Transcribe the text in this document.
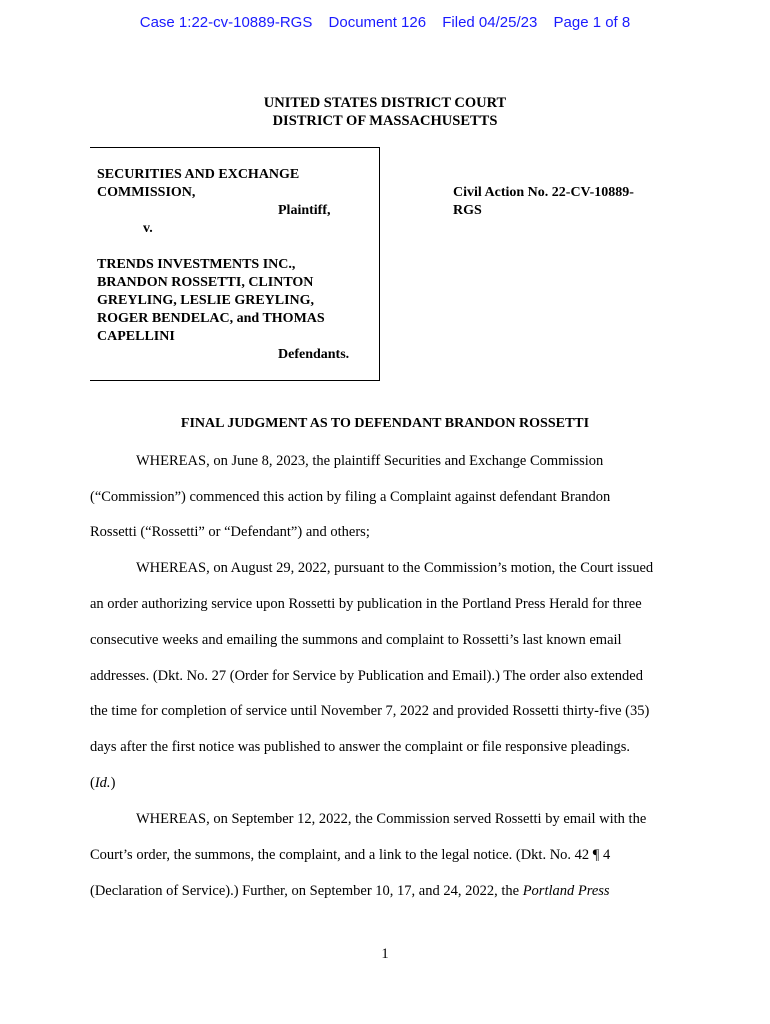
Case 1:22-cv-10889-RGS Document 126 Filed 04/25/23 Page 1 of 8
UNITED STATES DISTRICT COURT
DISTRICT OF MASSACHUSETTS
SECURITIES AND EXCHANGE
COMMISSION,
Plaintiff,
v.
TRENDS INVESTMENTS INC.,
BRANDON ROSSETTI, CLINTON
GREYLING, LESLIE GREYLING,
ROGER BENDELAC, and THOMAS
CAPELLINI
Defendants.
Civil Action No. 22-CV-10889-
RGS
FINAL JUDGMENT AS TO DEFENDANT BRANDON ROSSETTI
WHEREAS, on June 8, 2023, the plaintiff Securities and Exchange Commission
(“Commission”) commenced this action by filing a Complaint against defendant Brandon
Rossetti (“Rossetti” or “Defendant”) and others;
WHEREAS, on August 29, 2022, pursuant to the Commission’s motion, the Court issued
an order authorizing service upon Rossetti by publication in the Portland Press Herald for three
consecutive weeks and emailing the summons and complaint to Rossetti’s last known email
addresses. (Dkt. No. 27 (Order for Service by Publication and Email).) The order also extended
the time for completion of service until November 7, 2022 and provided Rossetti thirty-five (35)
days after the first notice was published to answer the complaint or file responsive pleadings.
(Id.)
WHEREAS, on September 12, 2022, the Commission served Rossetti by email with the
Court’s order, the summons, the complaint, and a link to the legal notice. (Dkt. No. 42 ¶ 4
(Declaration of Service).) Further, on September 10, 17, and 24, 2022, the Portland Press
1
